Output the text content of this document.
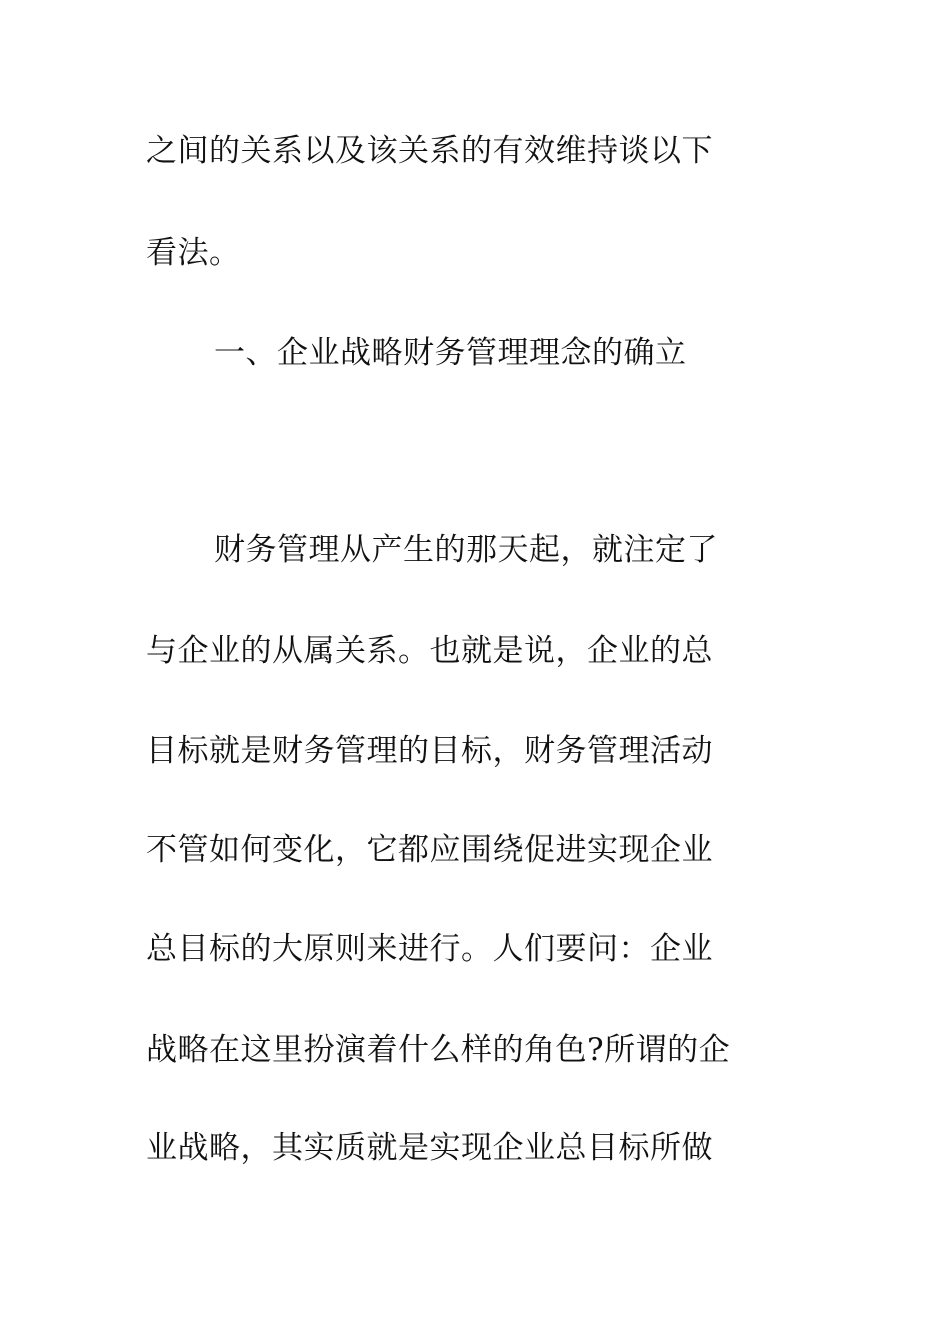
之间的关系以及该关系的有效维持谈以下
看法。
一、企业战略财务管理理念的确立
财务管理从产生的那天起，就注定了
与企业的从属关系。也就是说，企业的总
目标就是财务管理的目标，财务管理活动
不管如何变化，它都应围绕促进实现企业
总目标的大原则来进行。人们要问：企业
战略在这里扮演着什么样的角色?所谓的企
业战略，其实质就是实现企业总目标所做
